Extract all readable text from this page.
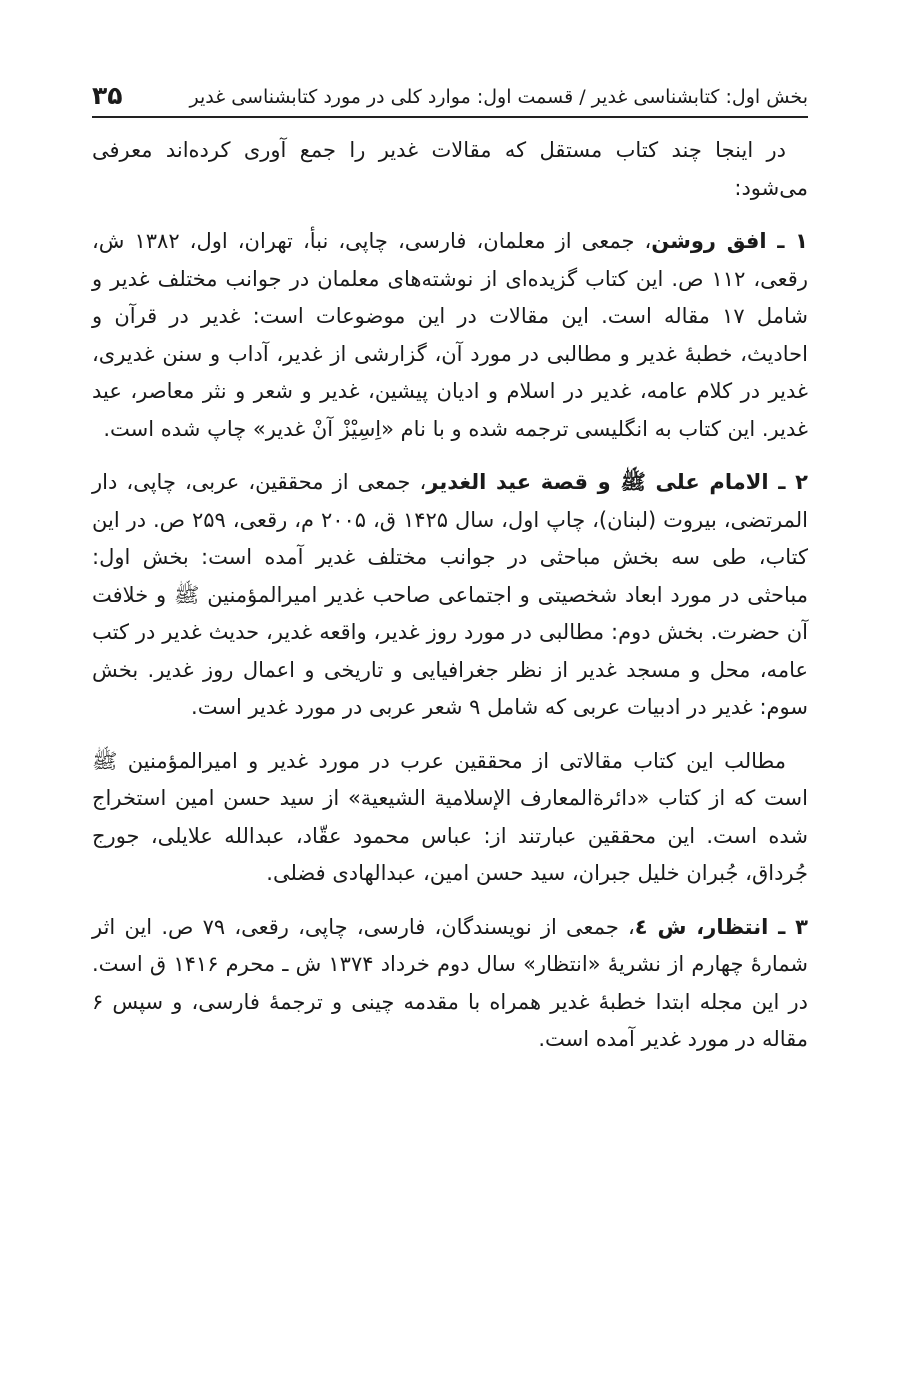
بخش اول: کتابشناسی غدیر / قسمت اول: موارد کلی در مورد کتابشناسی غدیر
۳۵

در اینجا چند کتاب مستقل که مقالات غدیر را جمع آوری کرده‌اند معرفی می‌شود:

۱ ـ افق روشن، جمعی از معلمان، فارسی، چاپی، نبأ، تهران، اول، ۱۳۸۲ ش، رقعی، ۱۱۲ ص. این کتاب گزیده‌ای از نوشته‌های معلمان در جوانب مختلف غدیر و شامل ۱۷ مقاله است. این مقالات در این موضوعات است: غدیر در قرآن و احادیث، خطبهٔ غدیر و مطالبی در مورد آن، گزارشی از غدیر، آداب و سنن غدیری، غدیر در کلام عامه، غدیر در اسلام و ادیان پیشین، غدیر و شعر و نثر معاصر، عید غدیر. این کتاب به انگلیسی ترجمه شده و با نام «اِسِیْزْ آنْ غدیر» چاپ شده است.

۲ ـ الامام علی ﷺ و قصة عید الغدیر، جمعی از محققین، عربی، چاپی، دار المرتضی، بیروت (لبنان)، چاپ اول، سال ۱۴۲۵ ق، ۲۰۰۵ م، رقعی، ۲۵۹ ص. در این کتاب، طی سه بخش مباحثی در جوانب مختلف غدیر آمده است: بخش اول: مباحثی در مورد ابعاد شخصیتی و اجتماعی صاحب غدیر امیرالمؤمنین ﷺ و خلافت آن حضرت. بخش دوم: مطالبی در مورد روز غدیر، واقعه غدیر، حدیث غدیر در کتب عامه، محل و مسجد غدیر از نظر جغرافیایی و تاریخی و اعمال روز غدیر. بخش سوم: غدیر در ادبیات عربی که شامل ۹ شعر عربی در مورد غدیر است.

مطالب این کتاب مقالاتی از محققین عرب در مورد غدیر و امیرالمؤمنین ﷺ است که از کتاب «دائرةالمعارف الإسلامیة الشیعیة» از سید حسن امین استخراج شده است. این محققین عبارتند از: عباس محمود عقّاد، عبدالله علایلی، جورج جُرداق، جُبران خلیل جبران، سید حسن امین، عبدالهادی فضلی.

۳ ـ انتظار، ش ٤، جمعی از نویسندگان، فارسی، چاپی، رقعی، ۷۹ ص. این اثر شمارهٔ چهارم از نشریهٔ «انتظار» سال دوم خرداد ۱۳۷۴ ش ـ محرم ۱۴۱۶ ق است. در این مجله ابتدا خطبهٔ غدیر همراه با مقدمه چینی و ترجمهٔ فارسی، و سپس ۶ مقاله در مورد غدیر آمده است.
